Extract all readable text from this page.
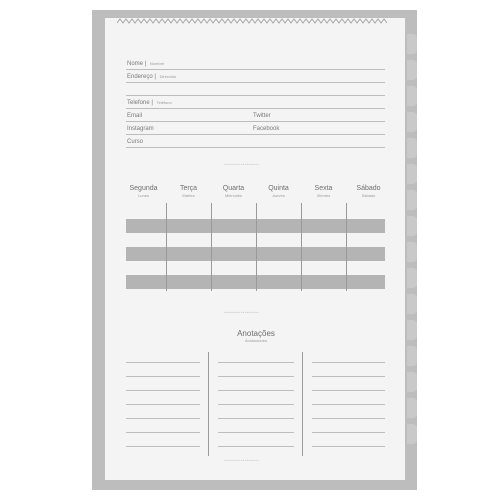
Nome | Nombre
Endereço | Dirección
Telefone | Teléfono
Email	Twitter
Instagram	Facebook
Curso
◦◦◦◦◦◦◦◦◦◦◦◦◦◦◦◦◦
Segunda
Lunes
Terça
Martes
Quarta
Miércoles
Quinta
Jueves
Sexta
Viernes
Sábado
Sábado
◦◦◦◦◦◦◦◦◦◦◦◦◦◦◦◦◦
Anotações
Anotaciones
◦◦◦◦◦◦◦◦◦◦◦◦◦◦◦◦◦
